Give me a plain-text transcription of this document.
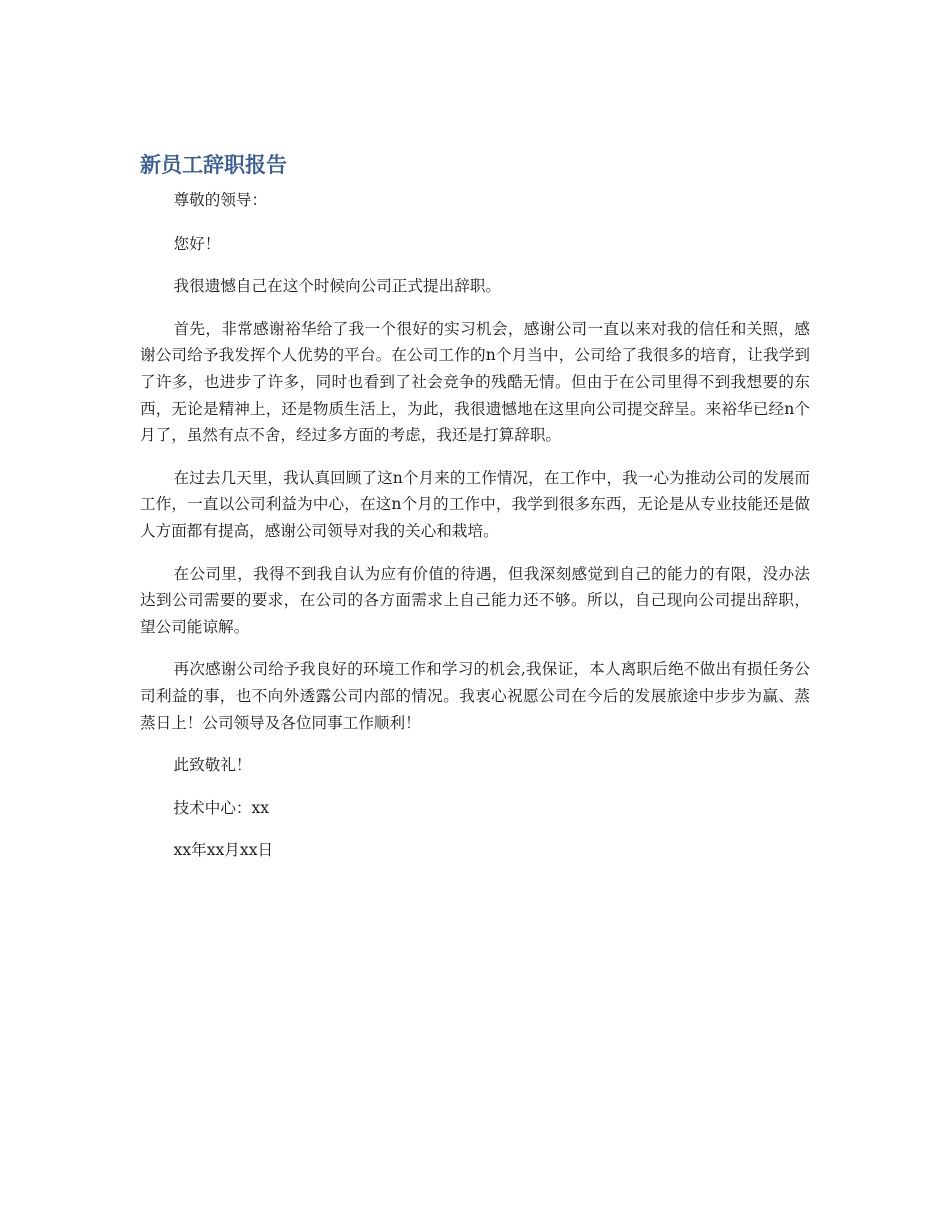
新员工辞职报告

尊敬的领导：

您好！

我很遗憾自己在这个时候向公司正式提出辞职。

首先，非常感谢裕华给了我一个很好的实习机会，感谢公司一直以来对我的信任和关照，感谢公司给予我发挥个人优势的平台。在公司工作的n个月当中，公司给了我很多的培育，让我学到了许多，也进步了许多，同时也看到了社会竞争的残酷无情。但由于在公司里得不到我想要的东西，无论是精神上，还是物质生活上，为此，我很遗憾地在这里向公司提交辞呈。来裕华已经n个月了，虽然有点不舍，经过多方面的考虑，我还是打算辞职。

在过去几天里，我认真回顾了这n个月来的工作情况，在工作中，我一心为推动公司的发展而工作，一直以公司利益为中心，在这n个月的工作中，我学到很多东西，无论是从专业技能还是做人方面都有提高，感谢公司领导对我的关心和栽培。

在公司里，我得不到我自认为应有价值的待遇，但我深刻感觉到自己的能力的有限，没办法达到公司需要的要求，在公司的各方面需求上自己能力还不够。所以，自己现向公司提出辞职，望公司能谅解。

再次感谢公司给予我良好的环境工作和学习的机会,我保证，本人离职后绝不做出有损任务公司利益的事，也不向外透露公司内部的情况。我衷心祝愿公司在今后的发展旅途中步步为赢、蒸蒸日上！公司领导及各位同事工作顺利！

此致敬礼！

技术中心：xx

xx年xx月xx日
